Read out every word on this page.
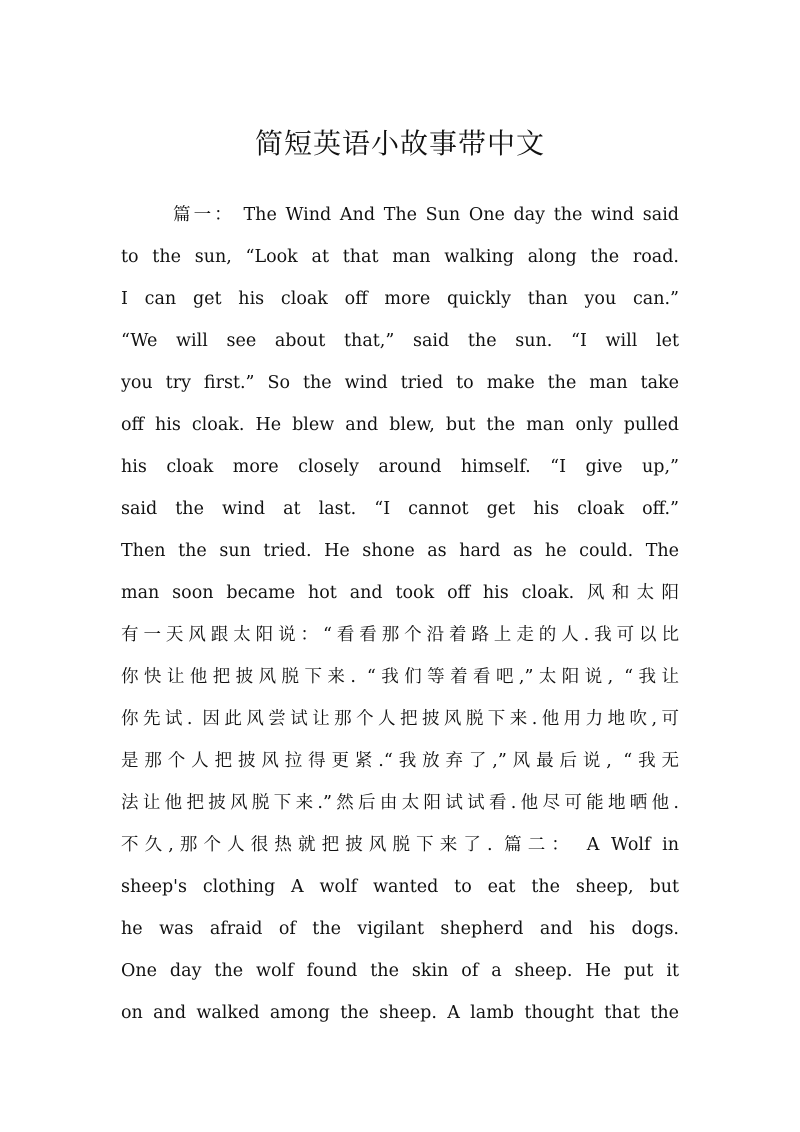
简短英语小故事带中文

篇一： The Wind And The Sun One day the wind said

to the sun, “Look at that man walking along the road.

I can get his cloak off more quickly than you can.”

“We will see about that,” said the sun. “I will let

you try first.” So the wind tried to make the man take

off his cloak. He blew and blew, but the man only pulled

his cloak more closely around himself. “I give up,”

said the wind at last. “I cannot get his cloak off.”

Then the sun tried. He shone as hard as he could. The

man soon became hot and took off his cloak. 风和太阳

有一天风跟太阳说：“看看那个沿着路上走的人.我可以比

你快让他把披风脱下来. “我们等着看吧,”太阳说, “我让

你先试. 因此风尝试让那个人把披风脱下来.他用力地吹,可

是那个人把披风拉得更紧.“我放弃了,”风最后说, “我无

法让他把披风脱下来.”然后由太阳试试看.他尽可能地晒他.

不久,那个人很热就把披风脱下来了. 篇二： A Wolf in

sheep's clothing A wolf wanted to eat the sheep, but

he was afraid of the vigilant shepherd and his dogs.

One day the wolf found the skin of a sheep. He put it

on and walked among the sheep. A lamb thought that the
